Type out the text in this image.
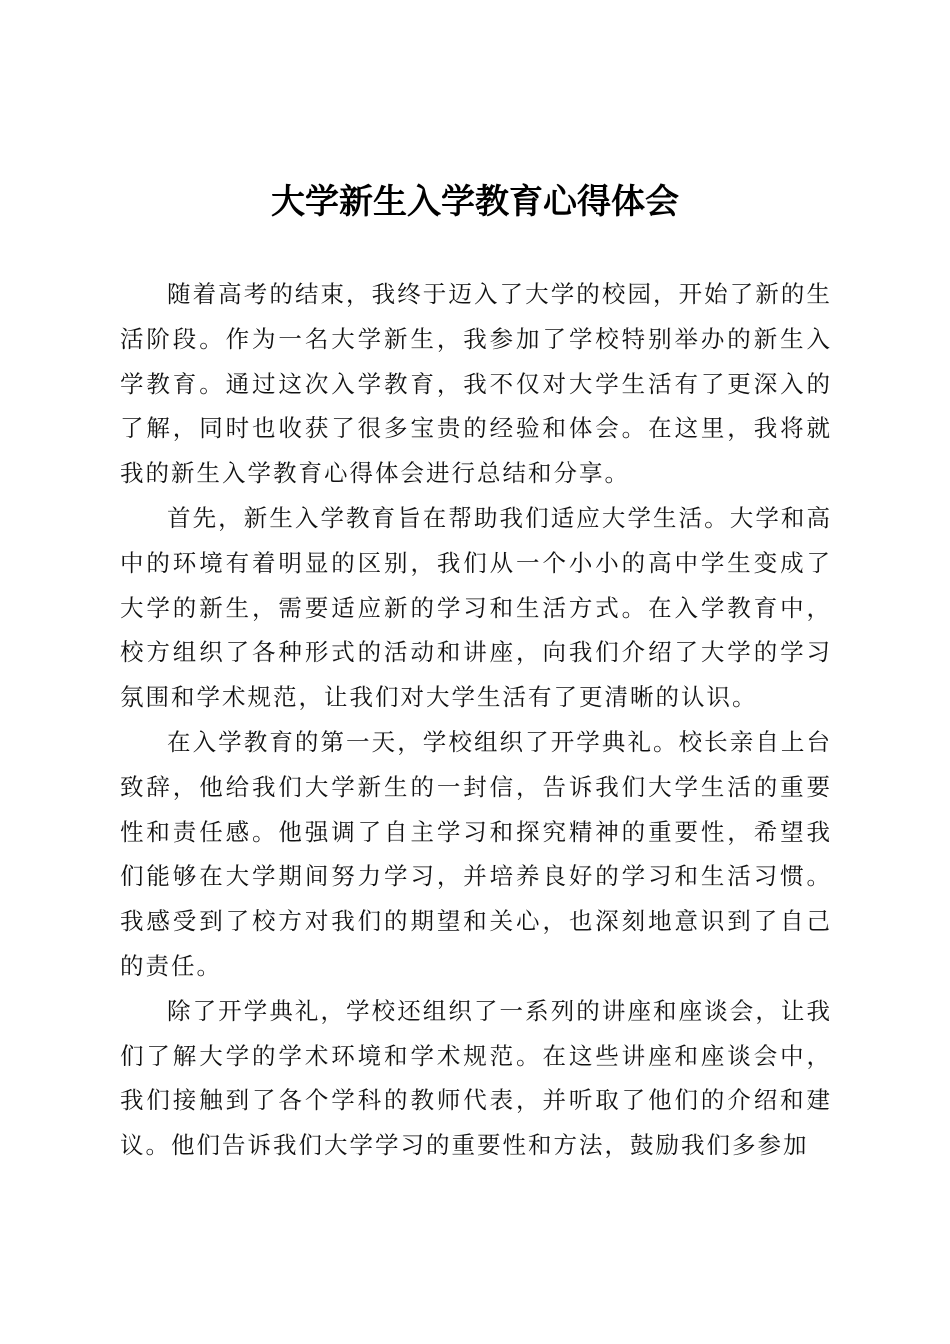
大学新生入学教育心得体会

随着高考的结束，我终于迈入了大学的校园，开始了新的生活阶段。作为一名大学新生，我参加了学校特别举办的新生入学教育。通过这次入学教育，我不仅对大学生活有了更深入的了解，同时也收获了很多宝贵的经验和体会。在这里，我将就我的新生入学教育心得体会进行总结和分享。

首先，新生入学教育旨在帮助我们适应大学生活。大学和高中的环境有着明显的区别，我们从一个小小的高中学生变成了大学的新生，需要适应新的学习和生活方式。在入学教育中，校方组织了各种形式的活动和讲座，向我们介绍了大学的学习氛围和学术规范，让我们对大学生活有了更清晰的认识。

在入学教育的第一天，学校组织了开学典礼。校长亲自上台致辞，他给我们大学新生的一封信，告诉我们大学生活的重要性和责任感。他强调了自主学习和探究精神的重要性，希望我们能够在大学期间努力学习，并培养良好的学习和生活习惯。我感受到了校方对我们的期望和关心，也深刻地意识到了自己的责任。

除了开学典礼，学校还组织了一系列的讲座和座谈会，让我们了解大学的学术环境和学术规范。在这些讲座和座谈会中，我们接触到了各个学科的教师代表，并听取了他们的介绍和建议。他们告诉我们大学学习的重要性和方法，鼓励我们多参加
